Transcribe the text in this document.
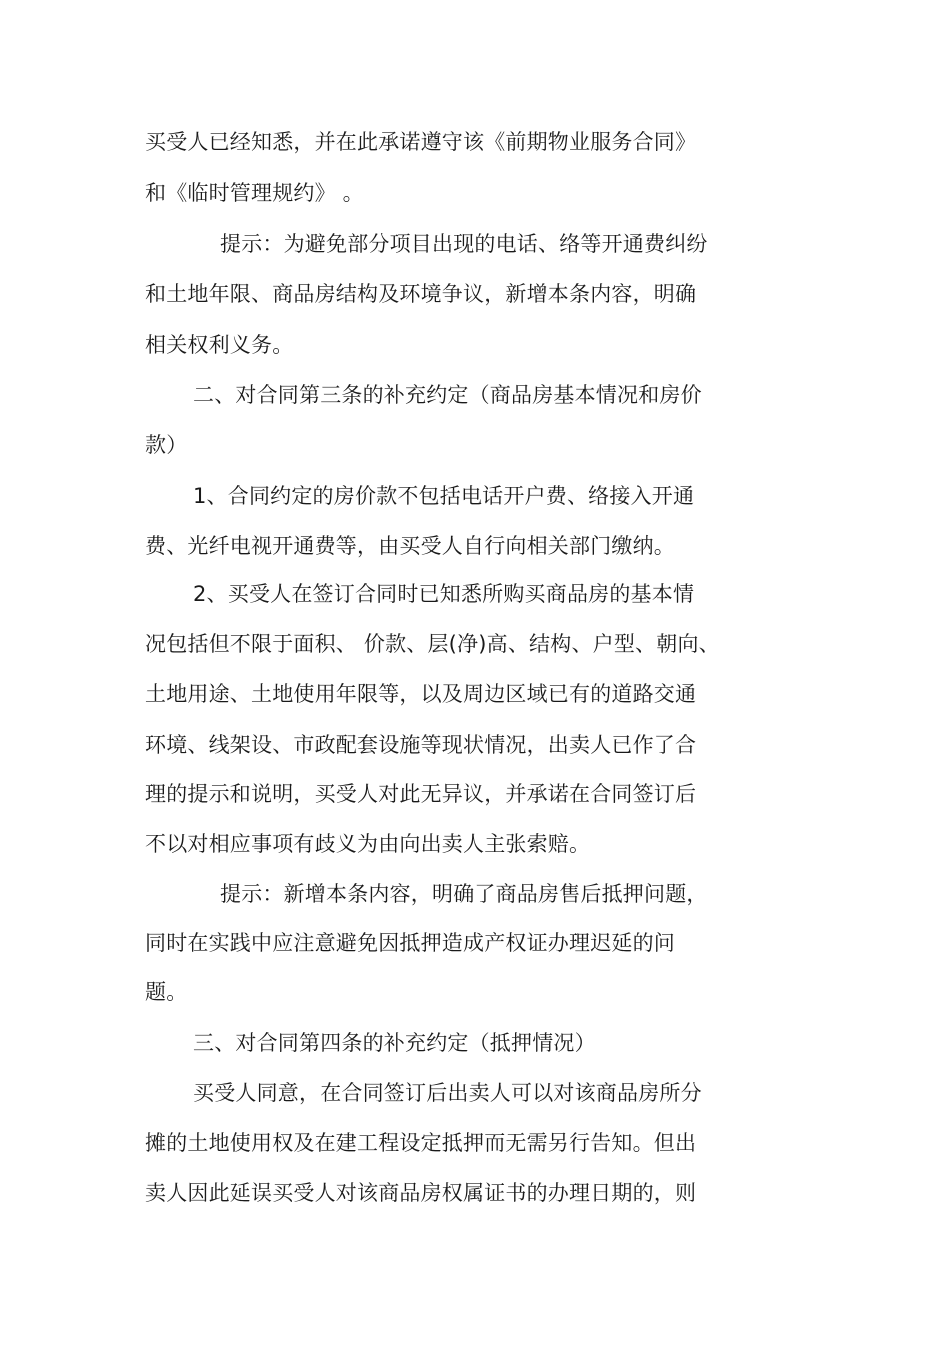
买受人已经知悉，并在此承诺遵守该《前期物业服务合同》
和《临时管理规约》 。
提示：为避免部分项目出现的电话、络等开通费纠纷
和土地年限、商品房结构及环境争议，新增本条内容，明确
相关权利义务。
二、对合同第三条的补充约定（商品房基本情况和房价
款）
1、合同约定的房价款不包括电话开户费、络接入开通
费、光纤电视开通费等，由买受人自行向相关部门缴纳。
2、买受人在签订合同时已知悉所购买商品房的基本情
况包括但不限于面积、 价款、层(净)高、结构、户型、朝向、
土地用途、土地使用年限等，以及周边区域已有的道路交通
环境、线架设、市政配套设施等现状情况，出卖人已作了合
理的提示和说明，买受人对此无异议，并承诺在合同签订后
不以对相应事项有歧义为由向出卖人主张索赔。
提示：新增本条内容，明确了商品房售后抵押问题，
同时在实践中应注意避免因抵押造成产权证办理迟延的问
题。
三、对合同第四条的补充约定（抵押情况）
买受人同意，在合同签订后出卖人可以对该商品房所分
摊的土地使用权及在建工程设定抵押而无需另行告知。但出
卖人因此延误买受人对该商品房权属证书的办理日期的，则
